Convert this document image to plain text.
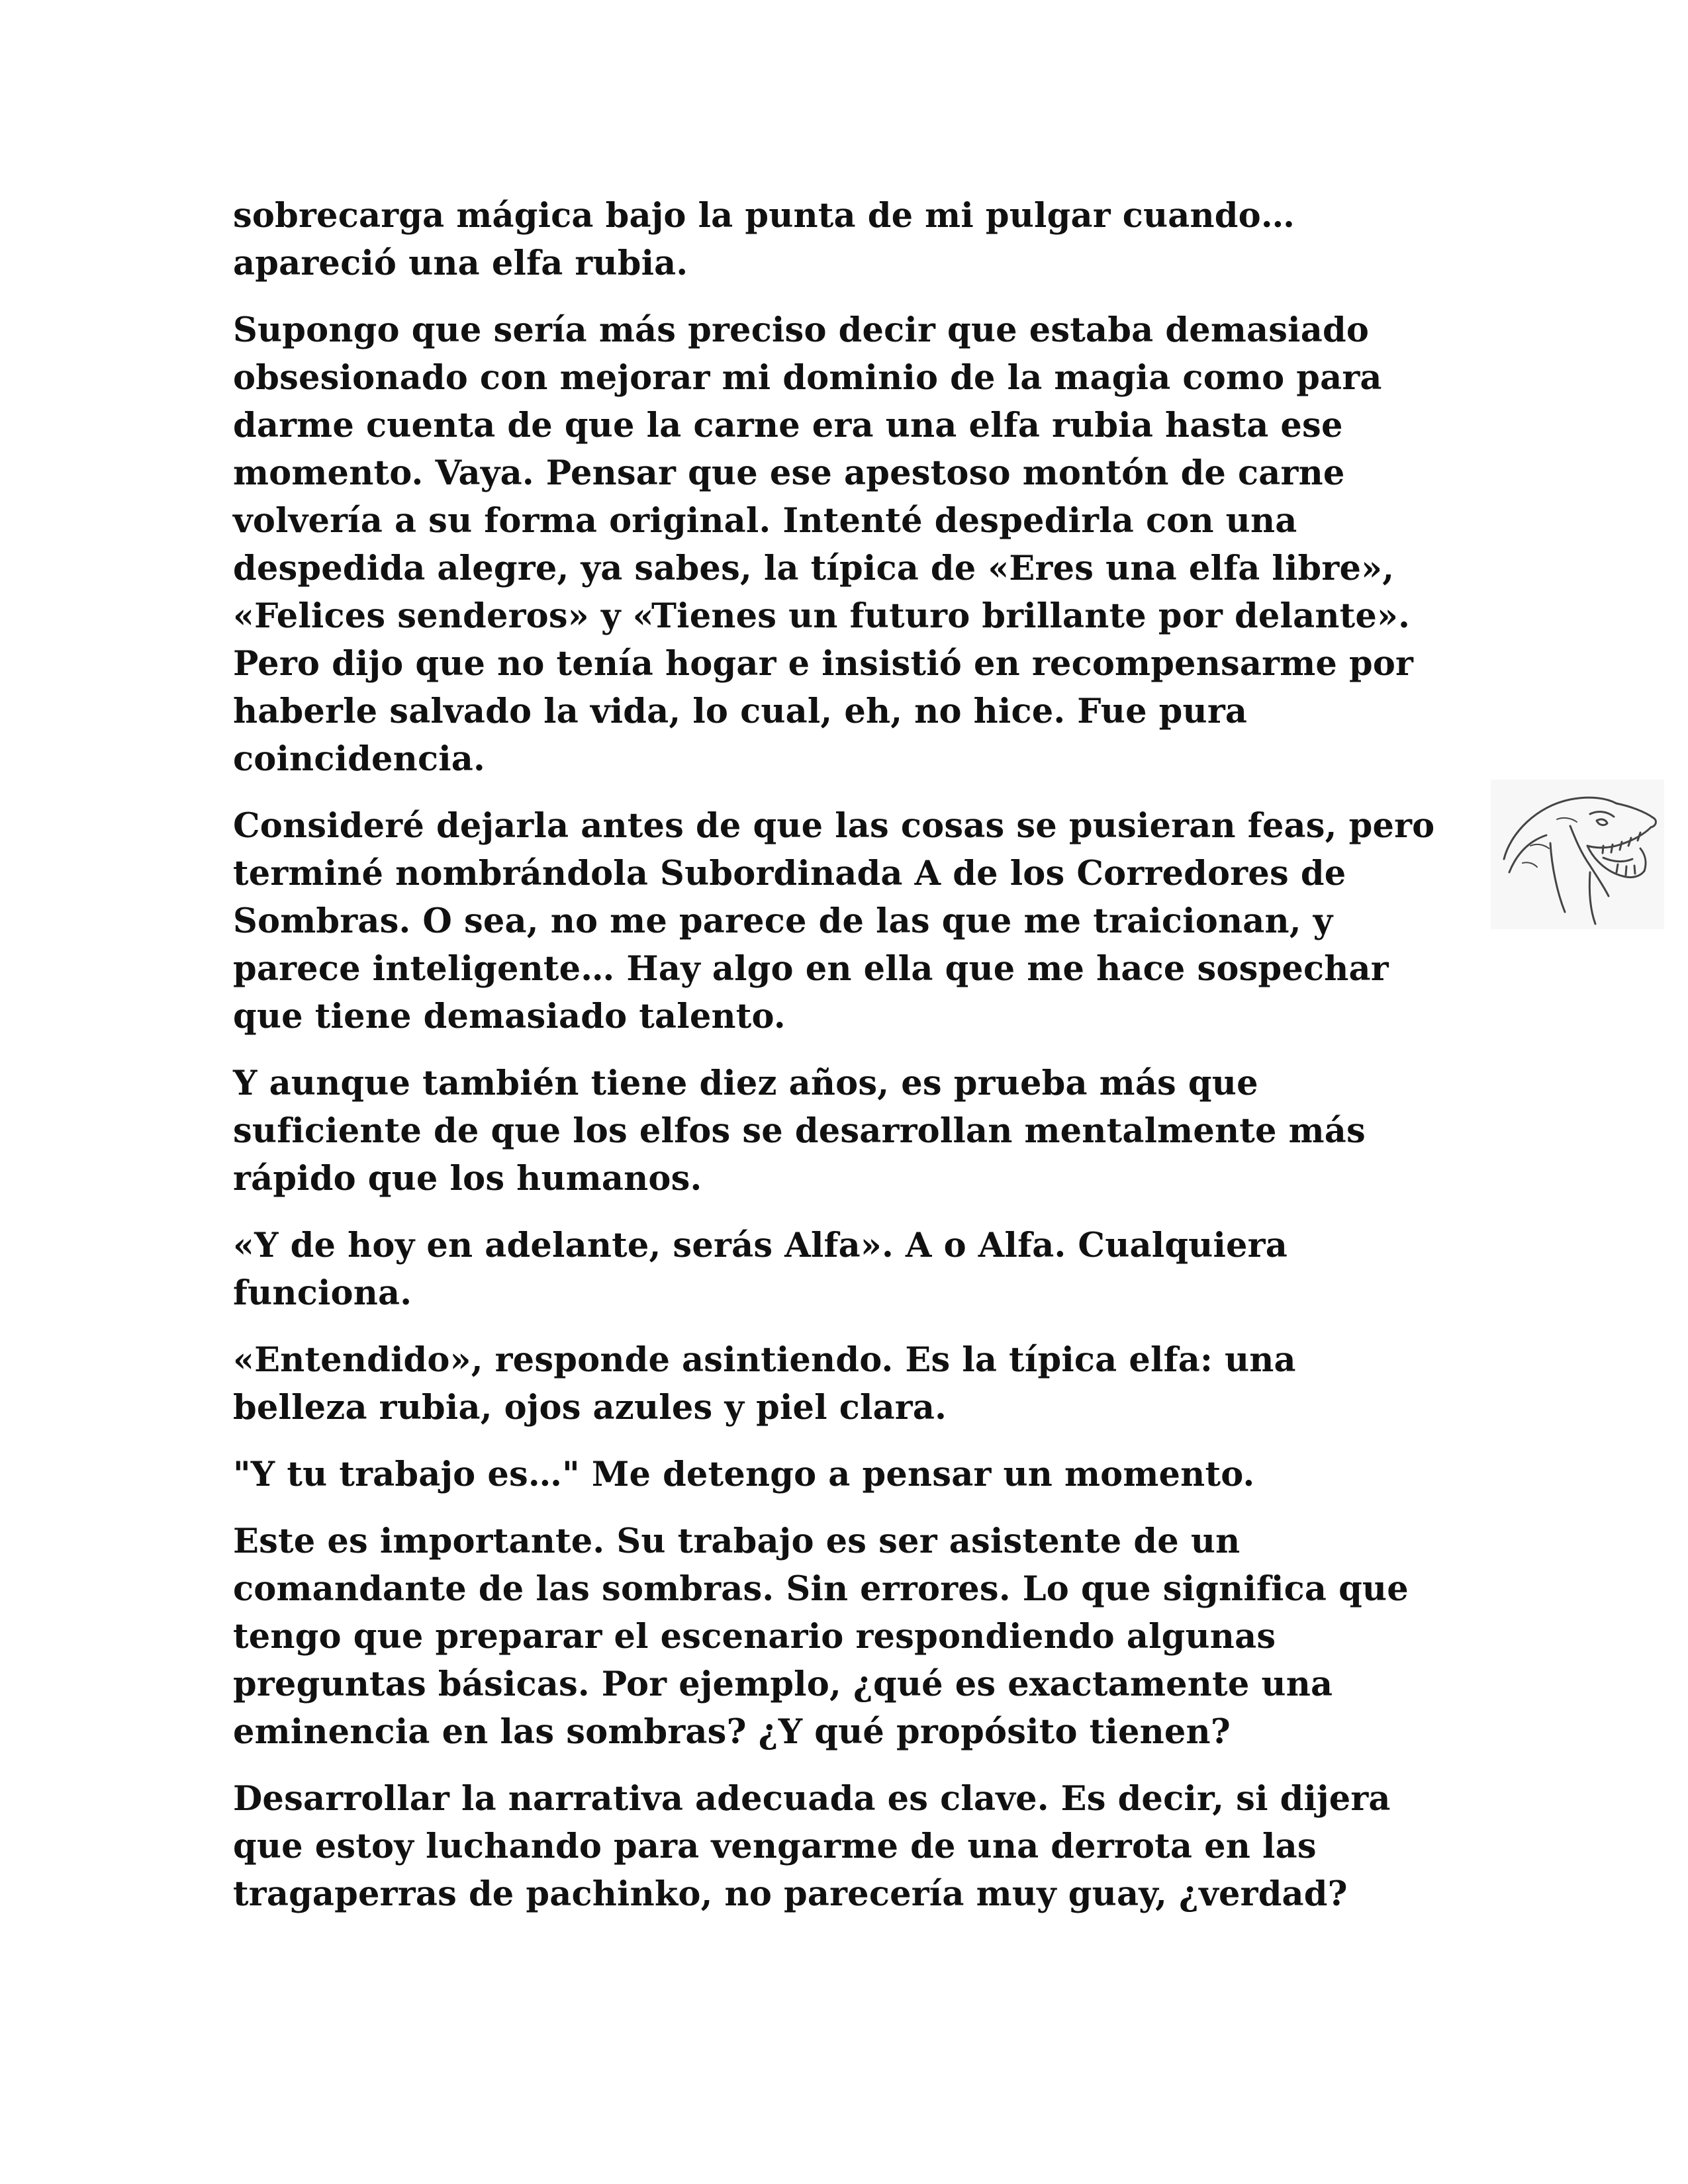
sobrecarga mágica bajo la punta de mi pulgar cuando…
apareció una elfa rubia.

Supongo que sería más preciso decir que estaba demasiado
obsesionado con mejorar mi dominio de la magia como para
darme cuenta de que la carne era una elfa rubia hasta ese
momento. Vaya. Pensar que ese apestoso montón de carne
volvería a su forma original. Intenté despedirla con una
despedida alegre, ya sabes, la típica de «Eres una elfa libre»,
«Felices senderos» y «Tienes un futuro brillante por delante».
Pero dijo que no tenía hogar e insistió en recompensarme por
haberle salvado la vida, lo cual, eh, no hice. Fue pura
coincidencia.

Consideré dejarla antes de que las cosas se pusieran feas, pero
terminé nombrándola Subordinada A de los Corredores de
Sombras. O sea, no me parece de las que me traicionan, y
parece inteligente… Hay algo en ella que me hace sospechar
que tiene demasiado talento.

Y aunque también tiene diez años, es prueba más que
suficiente de que los elfos se desarrollan mentalmente más
rápido que los humanos.

«Y de hoy en adelante, serás Alfa». A o Alfa. Cualquiera
funciona.

«Entendido», responde asintiendo. Es la típica elfa: una
belleza rubia, ojos azules y piel clara.

"Y tu trabajo es…" Me detengo a pensar un momento.

Este es importante. Su trabajo es ser asistente de un
comandante de las sombras. Sin errores. Lo que significa que
tengo que preparar el escenario respondiendo algunas
preguntas básicas. Por ejemplo, ¿qué es exactamente una
eminencia en las sombras? ¿Y qué propósito tienen?

Desarrollar la narrativa adecuada es clave. Es decir, si dijera
que estoy luchando para vengarme de una derrota en las
tragaperras de pachinko, no parecería muy guay, ¿verdad?
